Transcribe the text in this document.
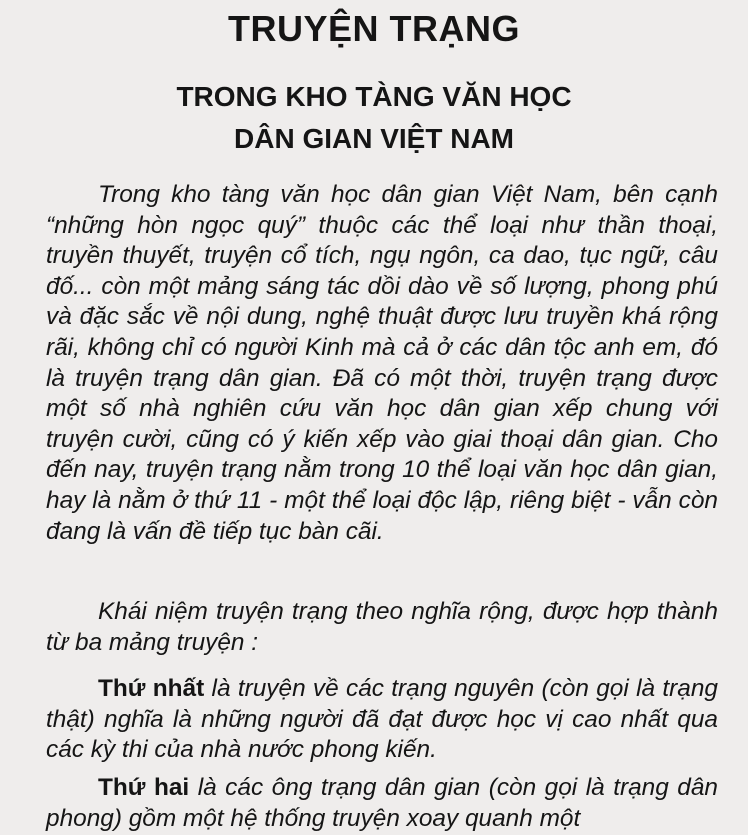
TRUYỆN TRẠNG
TRONG KHO TÀNG VĂN HỌC
DÂN GIAN VIỆT NAM

Trong kho tàng văn học dân gian Việt Nam, bên cạnh “những hòn ngọc quý” thuộc các thể loại như thần thoại, truyền thuyết, truyện cổ tích, ngụ ngôn, ca dao, tục ngữ, câu đố... còn một mảng sáng tác dồi dào về số lượng, phong phú và đặc sắc về nội dung, nghệ thuật được lưu truyền khá rộng rãi, không chỉ có người Kinh mà cả ở các dân tộc anh em, đó là truyện trạng dân gian. Đã có một thời, truyện trạng được một số nhà nghiên cứu văn học dân gian xếp chung với truyện cười, cũng có ý kiến xếp vào giai thoại dân gian. Cho đến nay, truyện trạng nằm trong 10 thể loại văn học dân gian, hay là nằm ở thứ 11 - một thể loại độc lập, riêng biệt - vẫn còn đang là vấn đề tiếp tục bàn cãi.

Khái niệm truyện trạng theo nghĩa rộng, được hợp thành từ ba mảng truyện :

Thứ nhất là truyện về các trạng nguyên (còn gọi là trạng thật) nghĩa là những người đã đạt được học vị cao nhất qua các kỳ thi của nhà nước phong kiến.

Thứ hai là các ông trạng dân gian (còn gọi là trạng dân phong) gồm một hệ thống truyện xoay quanh một
